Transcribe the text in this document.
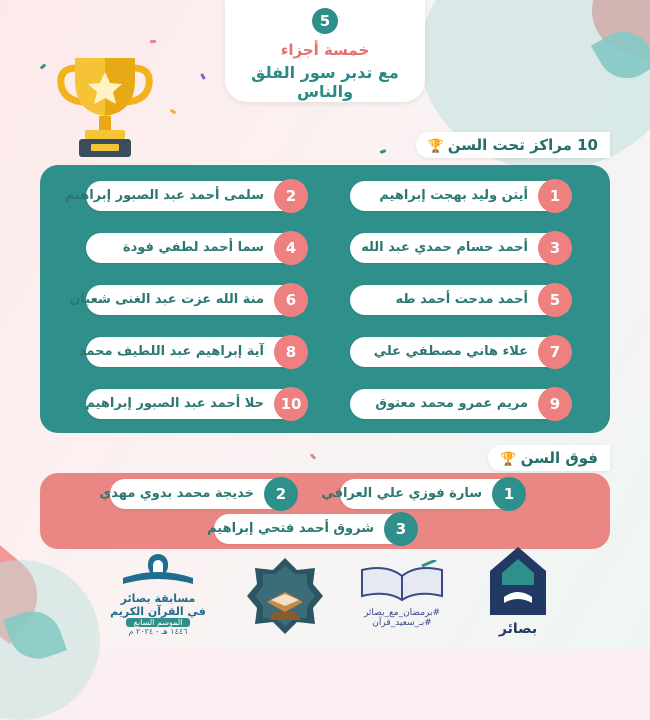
5
خمسة أجزاء
مع تدبر سور الفلق والناس
10 مراكز تحت السن🏆
1
أيتن وليد بهجت إبراهيم
3
أحمد حسام حمدي عبد الله
5
أحمد مدحت أحمد طه
7
علاء هاني مصطفي علي
9
مريم عمرو محمد معتوق
2
سلمى أحمد عبد الصبور إبراهيم
4
سما أحمد لطفي فودة
6
منة الله عزت عبد الغنى شعبان
8
آية إبراهيم عبد اللطيف محمد
10
حلا أحمد عبد الصبور إبراهيم
فوق السن🏆
1
سارة فوزي علي العراقي
2
خديجة محمد بدوي مهدي
3
شروق أحمد فتحي إبراهيم
مسابقة بصائر
في القرآن الكريم
الموسم السابع
١٤٤٦ هـ - ٢٠٢٤ م
#برمضان_مع_بصائر
#بـ_سعيد_قرآن	بصائر
